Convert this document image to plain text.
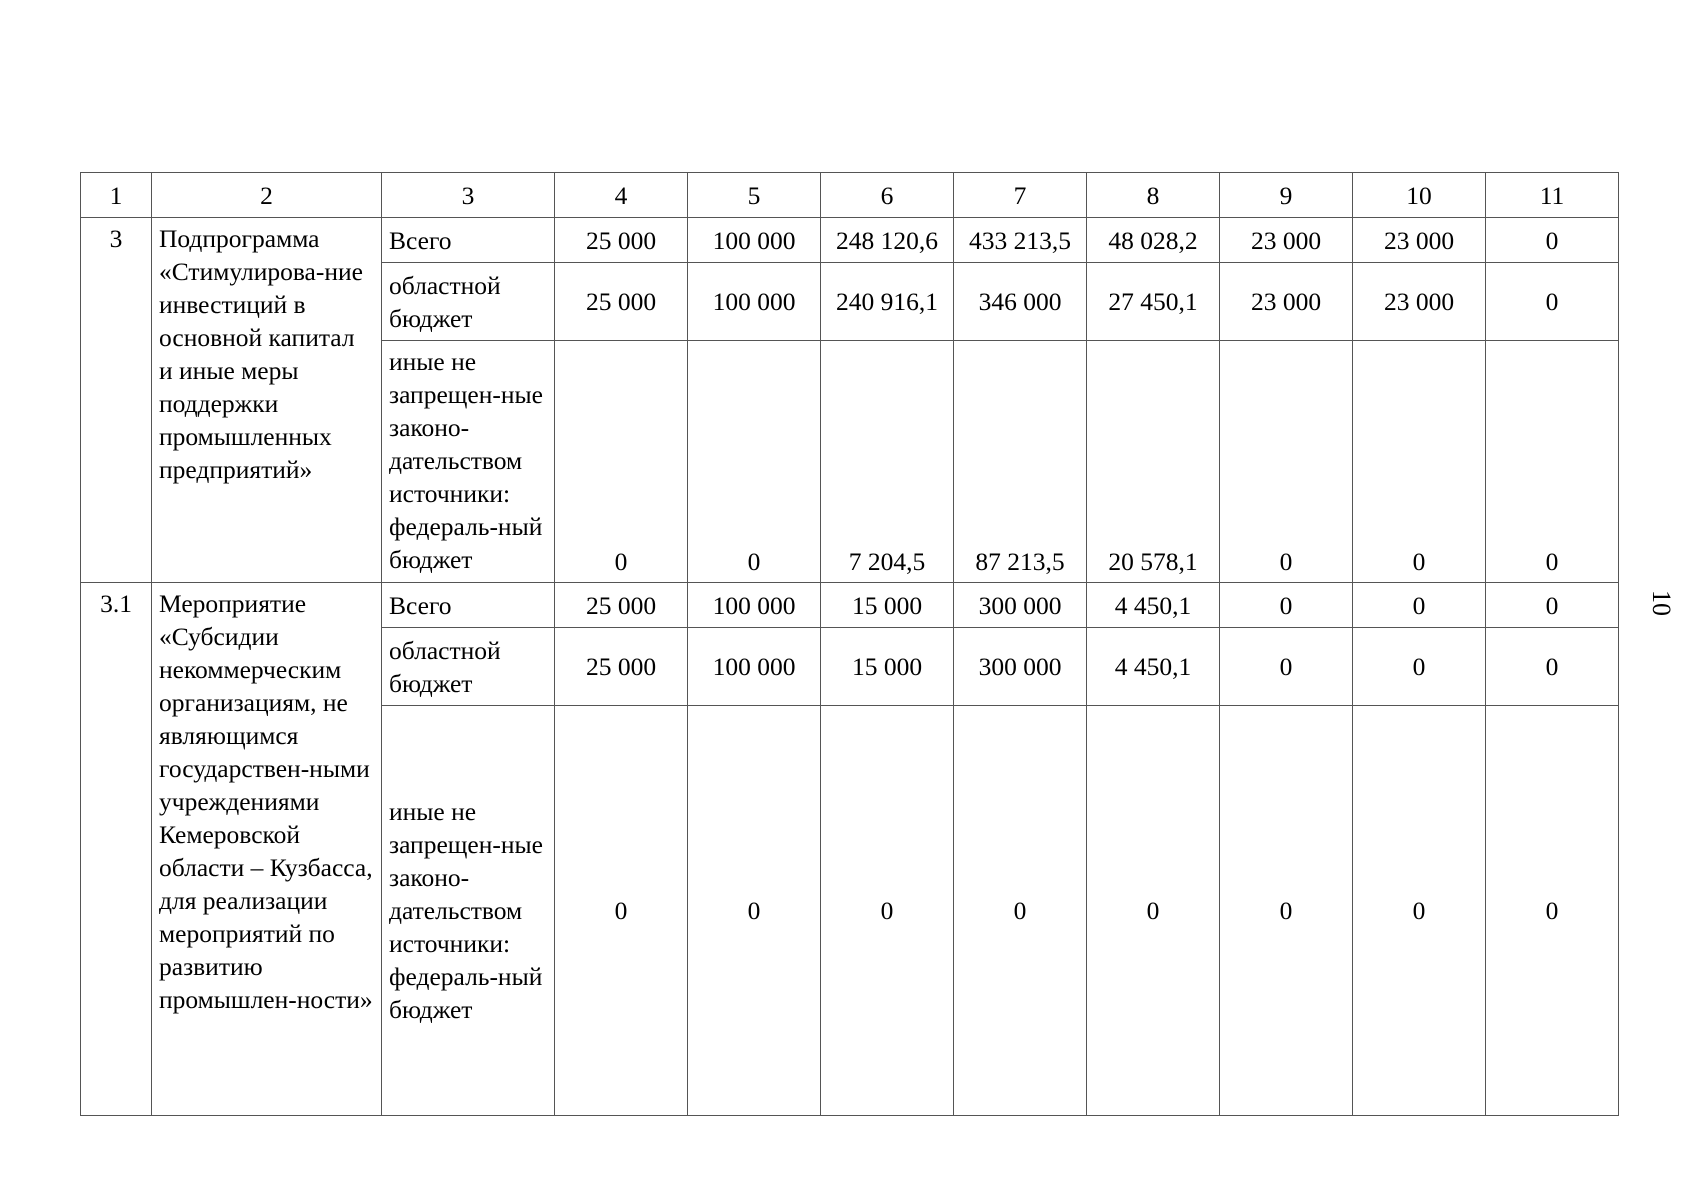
1	2	3	4	5	6	7	8	9	10	11
3	Подпрограмма «Стимулирова-ние инвестиций в основной капитал и иные меры поддержки промышленных предприятий»	Всего	25 000	100 000	248 120,6	433 213,5	48 028,2	23 000	23 000	0
		областной бюджет	25 000	100 000	240 916,1	346 000	27 450,1	23 000	23 000	0
		иные не запрещен-ные законо-дательством источники: федераль-ный бюджет	0	0	7 204,5	87 213,5	20 578,1	0	0	0
3.1	Мероприятие «Субсидии некоммерческим организациям, не являющимся государствен-ными учреждениями Кемеровской области – Кузбасса, для реализации мероприятий по развитию промышлен-ности»	Всего	25 000	100 000	15 000	300 000	4 450,1	0	0	0
		областной бюджет	25 000	100 000	15 000	300 000	4 450,1	0	0	0
		иные не запрещен-ные законо-дательством источники: федераль-ный бюджет	0	0	0	0	0	0	0	0
10
